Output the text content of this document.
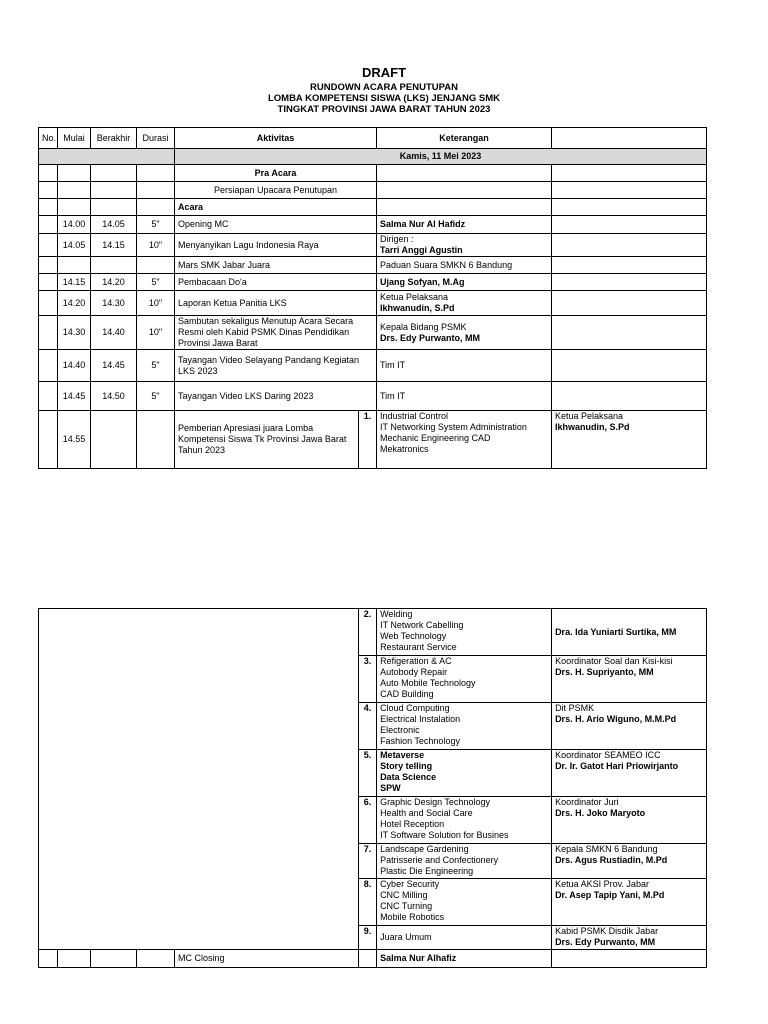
DRAFT
RUNDOWN ACARA PENUTUPAN
LOMBA KOMPETENSI SISWA (LKS) JENJANG SMK
TINGKAT PROVINSI JAWA BARAT TAHUN 2023
No.	Mulai	Berakhir	Durasi	Aktivitas		Keterangan	
				Kamis, 11 Mei 2023			
				Pra Acara			
				Persiapan Upacara Penutupan			
				Acara			
	14.00	14.05	5"	Opening MC		Salma Nur Al Hafidz	
	14.05	14.15	10"	Menyanyikan Lagu Indonesia Raya		Dirigen :
Tarri Anggi Agustin	

				Mars SMK Jabar Juara		Paduan Suara SMKN 6 Bandung	
	14.15	14.20	5"	Pembacaan Do'a		Ujang Sofyan, M.Ag	
	14.20	14.30	10"	Laporan Ketua Panitia LKS		Ketua Pelaksana
Ikhwanudin, S.Pd	

	14.30	14.40	10"	Sambutan sekaligus Menutup Acara Secara Resmi oleh Kabid PSMK Dinas Pendidikan Provinsi Jawa Barat		Kepala Bidang PSMK
Drs. Edy Purwanto, MM	

	14.40	14.45	5"	Tayangan Video Selayang Pandang Kegiatan LKS 2023		Tim IT	
	14.45	14.50	5"	Tayangan Video LKS Daring 2023		Tim IT	
	14.55			Pemberian Apresiasi juara Lomba Kompetensi Siswa Tk Provinsi Jawa Barat Tahun 2023	1.	Industrial Control
IT Networking System Administration
Mechanic Engineering CAD
Mekatronics	Ketua Pelaksana
Ikhwanudin, S.Pd
					2.	Welding
IT Network Cabelling
Web Technology
Restaurant Service	Dra. Ida Yuniarti Surtika, MM
					3.	Refigeration & AC
Autobody Repair
Auto Mobile Technology
CAD Building	Koordinator Soal dan Kisi-kisi
Drs. H. Supriyanto, MM

					4.	Cloud Computing
Electrical Instalation
Electronic
Fashion Technology	Dit PSMK
Drs. H. Ario Wiguno, M.M.Pd

					5.	Metaverse
Story telling
Data Science
SPW	Koordinator SEAMEO ICC
Dr. Ir. Gatot Hari Priowirjanto

					6.	Graphic Design Technology
Health and Social Care
Hotel Reception
IT Software Solution for Busines	Koordinator Juri
Drs. H. Joko Maryoto

					7.	Landscape Gardening
Patrisserie and Confectionery
Plastic Die Engineering	Kepala SMKN 6 Bandung
Drs. Agus Rustiadin, M.Pd

					8.	Cyber Security
CNC Milling
CNC Turning
Mobile Robotics	Ketua AKSI Prov. Jabar
Dr. Asep Tapip Yani, M.Pd

					9.	Juara Umum	Kabid PSMK Disdik Jabar
Drs. Edy Purwanto, MM

				MC Closing		Salma Nur Alhafiz	
